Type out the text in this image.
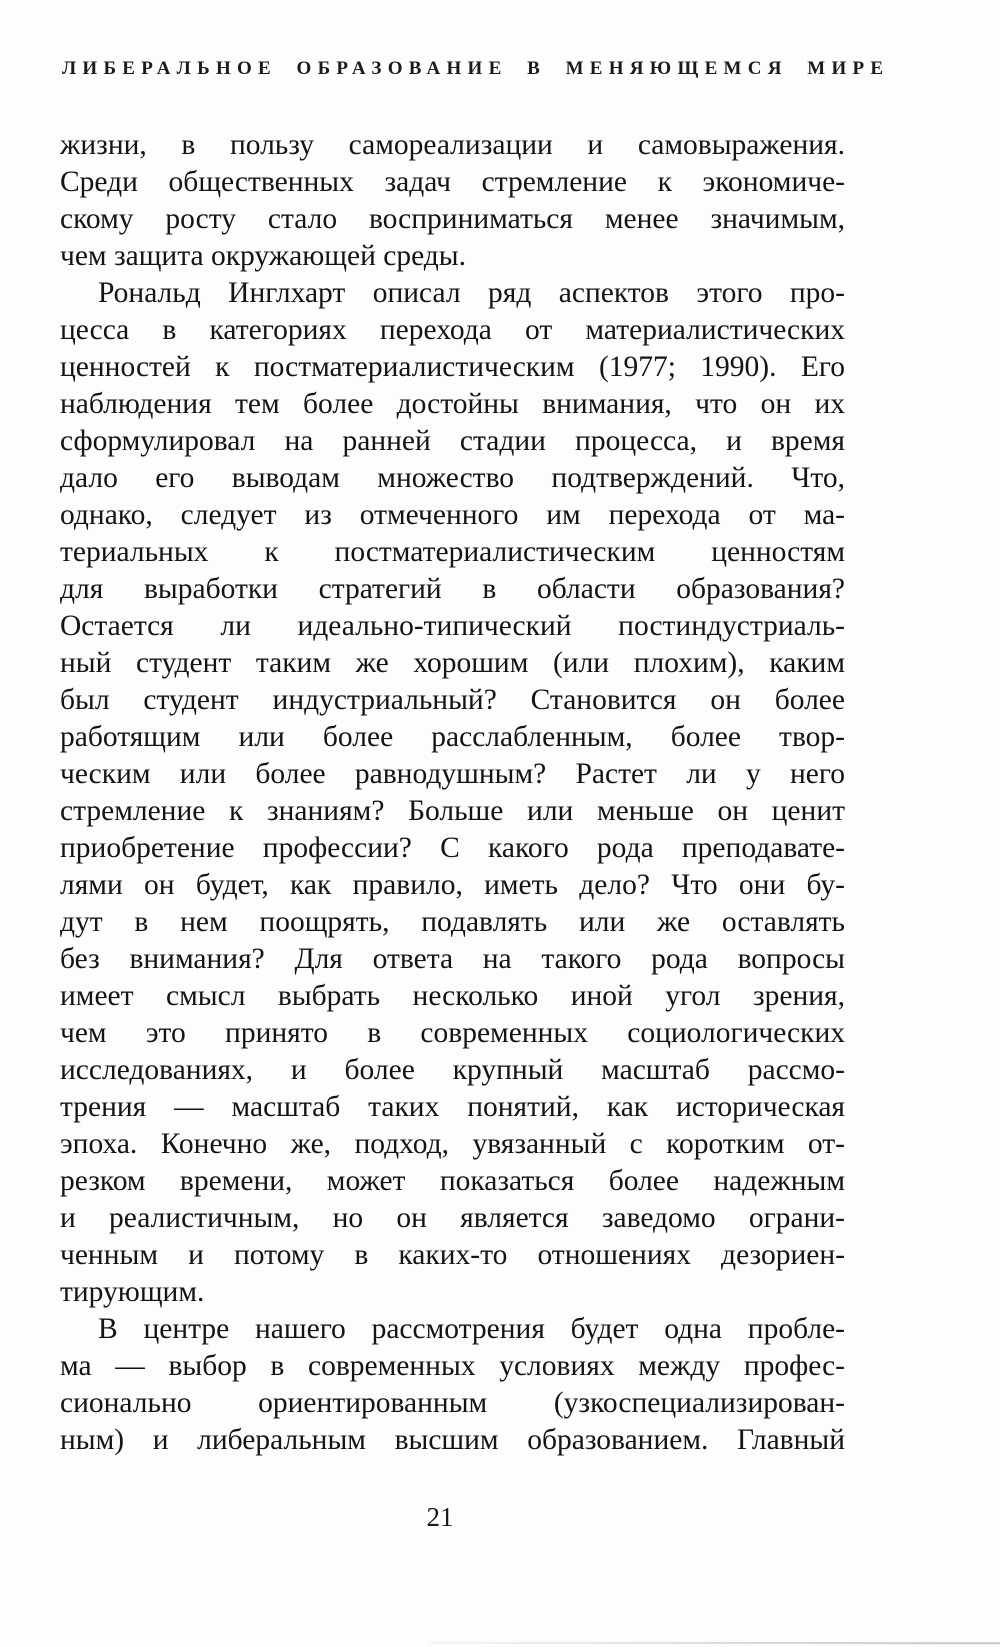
ЛИБЕРАЛЬНОЕ ОБРАЗОВАНИЕ В МЕНЯЮЩЕМСЯ МИРЕ
жизни, в пользу самореализации и самовыражения.
Среди общественных задач стремление к экономиче-
скому росту стало восприниматься менее значимым,
чем защита окружающей среды.
Рональд Инглхарт описал ряд аспектов этого про-
цесса в категориях перехода от материалистических
ценностей к постматериалистическим (1977; 1990). Его
наблюдения тем более достойны внимания, что он их
сформулировал на ранней стадии процесса, и время
дало его выводам множество подтверждений. Что,
однако, следует из отмеченного им перехода от ма-
териальных к постматериалистическим ценностям
для выработки стратегий в области образования?
Остается ли идеально-типический постиндустриаль-
ный студент таким же хорошим (или плохим), каким
был студент индустриальный? Становится он более
работящим или более расслабленным, более твор-
ческим или более равнодушным? Растет ли у него
стремление к знаниям? Больше или меньше он ценит
приобретение профессии? С какого рода преподавате-
лями он будет, как правило, иметь дело? Что они бу-
дут в нем поощрять, подавлять или же оставлять
без внимания? Для ответа на такого рода вопросы
имеет смысл выбрать несколько иной угол зрения,
чем это принято в современных социологических
исследованиях, и более крупный масштаб рассмо-
трения — масштаб таких понятий, как историческая
эпоха. Конечно же, подход, увязанный с коротким от-
резком времени, может показаться более надежным
и реалистичным, но он является заведомо ограни-
ченным и потому в каких-то отношениях дезориен-
тирующим.
В центре нашего рассмотрения будет одна пробле-
ма — выбор в современных условиях между профес-
сионально ориентированным (узкоспециализирован-
ным) и либеральным высшим образованием. Главный
21
